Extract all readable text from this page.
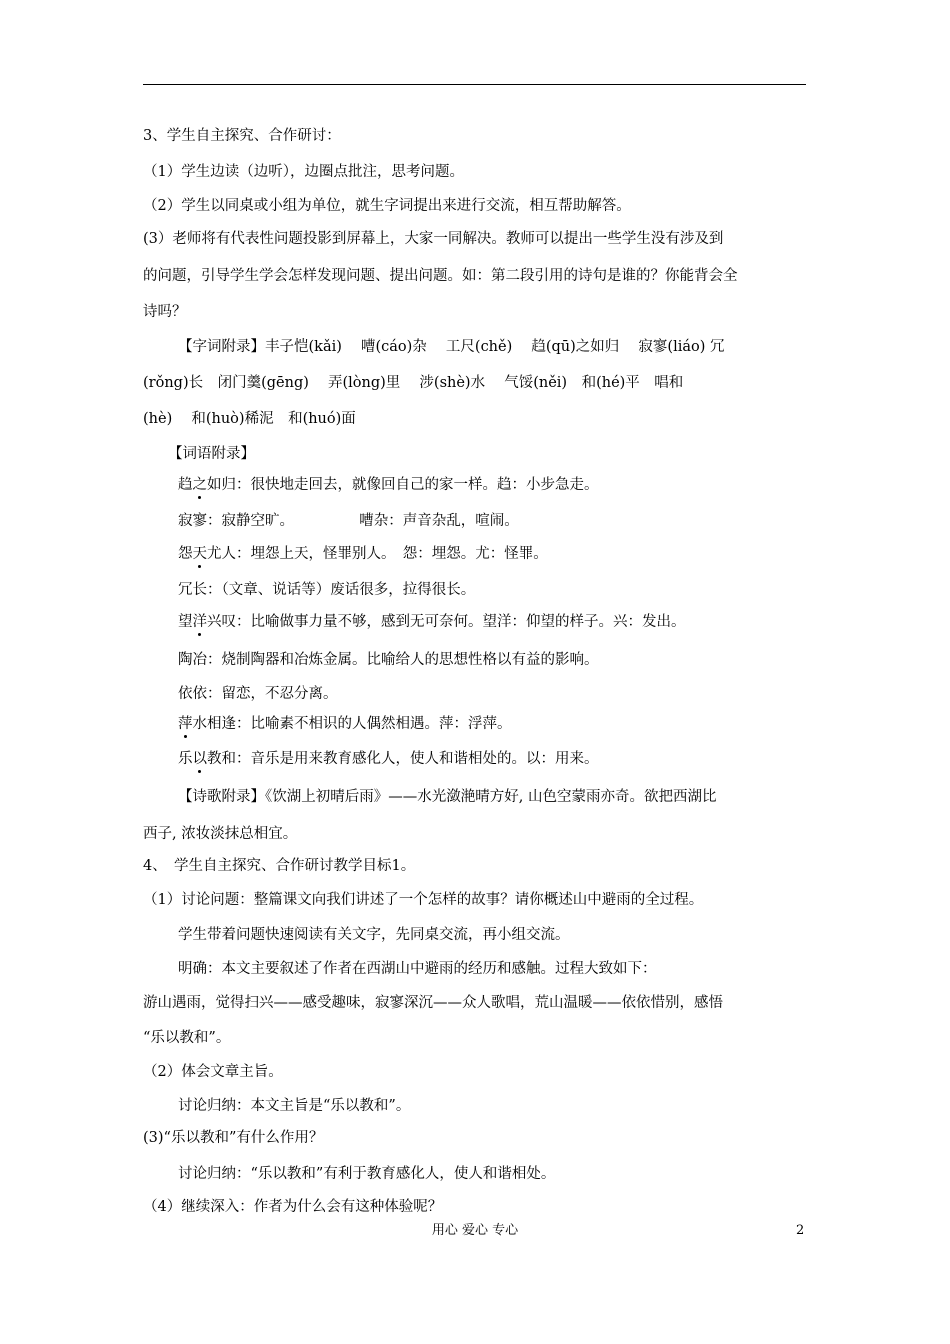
3、学生自主探究、合作研讨：
（1）学生边读（边听），边圈点批注，思考问题。
（2）学生以同桌或小组为单位，就生字词提出来进行交流，相互帮助解答。
(3）老师将有代表性问题投影到屏幕上，大家一同解决。教师可以提出一些学生没有涉及到
的问题，引导学生学会怎样发现问题、提出问题。如：第二段引用的诗句是谁的？你能背会全
诗吗？
【字词附录】丰子恺(kǎi)　 嘈(cáo)杂　 工尺(chě)　 趋(qū)之如归　 寂寥(liáo) 冗
(rǒng)长　闭门羹(gēng)　 弄(lòng)里　 涉(shè)水　 气馁(něi)　和(hé)平　唱和
(hè)　 和(huò)稀泥　和(huó)面
【词语附录】
趋之如归：很快地走回去，就像回自己的家一样。趋：小步急走。
寂寥：寂静空旷。　　　　　嘈杂：声音杂乱，喧闹。
怨天尤人：埋怨上天，怪罪别人。　怨：埋怨。尤：怪罪。
冗长：（文章、说话等）废话很多，拉得很长。
望洋兴叹：比喻做事力量不够，感到无可奈何。望洋：仰望的样子。兴：发出。
陶冶：烧制陶器和冶炼金属。比喻给人的思想性格以有益的影响。
依依：留恋，不忍分离。
萍水相逢：比喻素不相识的人偶然相遇。萍：浮萍。
乐以教和：音乐是用来教育感化人，使人和谐相处的。以：用来。
【诗歌附录】《饮湖上初晴后雨》——水光潋滟晴方好, 山色空蒙雨亦奇。欲把西湖比
西子, 浓妆淡抹总相宜。
4、　学生自主探究、合作研讨教学目标1。
（1）讨论问题：整篇课文向我们讲述了一个怎样的故事？请你概述山中避雨的全过程。
学生带着问题快速阅读有关文字，先同桌交流，再小组交流。
明确：本文主要叙述了作者在西湖山中避雨的经历和感触。过程大致如下：
游山遇雨，觉得扫兴——感受趣味，寂寥深沉——众人歌唱，荒山温暖——依依惜别，感悟
“乐以教和”。
（2）体会文章主旨。
讨论归纳：本文主旨是“乐以教和”。
(3)“乐以教和”有什么作用？
讨论归纳：“乐以教和”有利于教育感化人，使人和谐相处。
（4）继续深入：作者为什么会有这种体验呢？
用心 爱心 专心	2
